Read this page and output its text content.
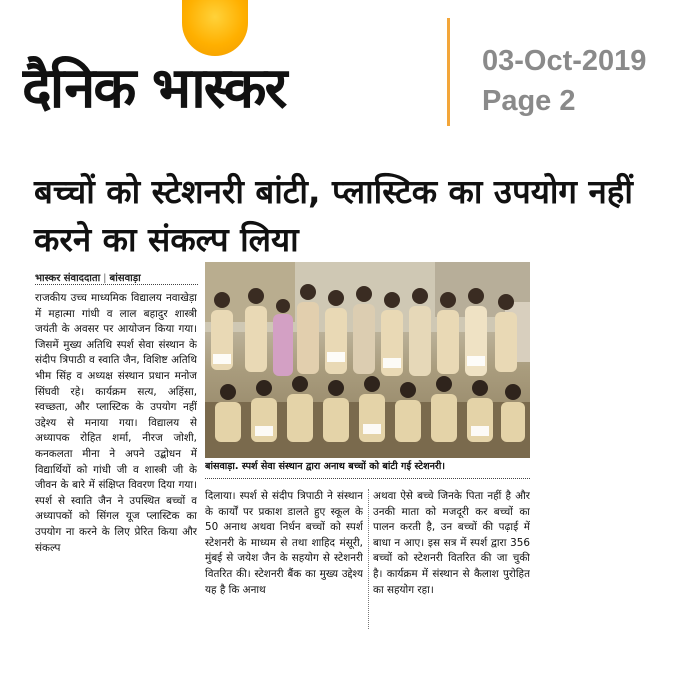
दैनिक भास्कर	03-Oct-2019
Page 2
बच्चों को स्टेशनरी बांटी, प्लास्टिक का उपयोग नहीं करने का संकल्प लिया
भास्कर संवाददाता | बांसवाड़ा
राजकीय उच्च माध्यमिक विद्यालय नवाखेड़ा में महात्मा गांधी व लाल बहादुर शास्त्री जयंती के अवसर पर आयोजन किया गया। जिसमें मुख्य अतिथि स्पर्श सेवा संस्थान के संदीप त्रिपाठी व स्वाति जैन, विशिष्ट अतिथि भीम सिंह व अध्यक्ष संस्थान प्रधान मनोज सिंघवी रहे। कार्यक्रम सत्य, अहिंसा, स्वच्छता, और प्लास्टिक के उपयोग नहीं उद्देश्य से मनाया गया। विद्यालय से अध्यापक रोहित शर्मा, नीरज जोशी, कनकलता मीना ने अपने उद्बोधन में विद्यार्थियों को गांधी जी व शास्त्री जी के जीवन के बारे में संक्षिप्त विवरण दिया गया। स्पर्श से स्वाति जैन ने उपस्थित बच्चों व अध्यापकों को सिंगल यूज प्लास्टिक का उपयोग ना करने के लिए प्रेरित किया और संकल्प
बांसवाड़ा. स्पर्श सेवा संस्थान द्वारा अनाथ बच्चों को बांटी गई स्टेशनरी।
दिलाया। स्पर्श से संदीप त्रिपाठी ने संस्थान के कार्यों पर प्रकाश डालते हुए स्कूल के 50 अनाथ अथवा निर्धन बच्चों को स्पर्श स्टेशनरी के माध्यम से तथा शाहिद मंसूरी, मुंबई से जयेश जैन के सहयोग से स्टेशनरी वितरित की। स्टेशनरी बैंक का मुख्य उद्देश्य यह है कि अनाथ
अथवा ऐसे बच्चे जिनके पिता नहीं है और उनकी माता को मजदूरी कर बच्चों का पालन करती है, उन बच्चों की पढ़ाई में बाधा न आए। इस सत्र में स्पर्श द्वारा 356 बच्चों को स्टेशनरी वितरित की जा चुकी है। कार्यक्रम में संस्थान से कैलाश पुरोहित का सहयोग रहा।
